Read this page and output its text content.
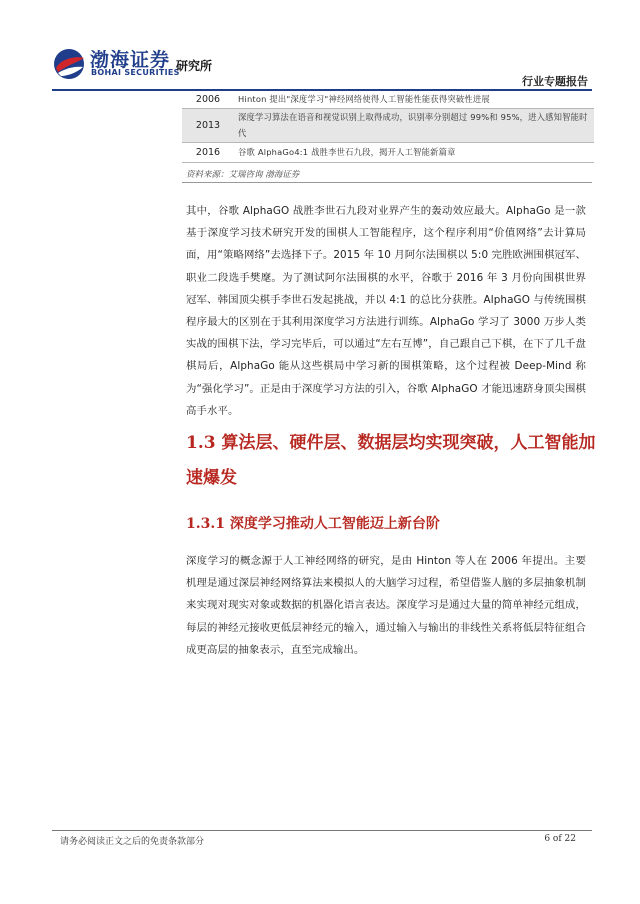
渤海证券
BOHAI SECURITIES
研究所
行业专题报告
2006	Hinton 提出"深度学习"神经网络使得人工智能性能获得突破性进展
2013	深度学习算法在语音和视觉识别上取得成功，识别率分别超过 99%和 95%，进入感知智能时代
2016	谷歌 AlphaGo4:1 战胜李世石九段，揭开人工智能新篇章
资料来源：艾瑞咨询 渤海证券

其中，谷歌 AlphaGO 战胜李世石九段对业界产生的轰动效应最大。AlphaGo 是一款基于深度学习技术研究开发的围棋人工智能程序，这个程序利用“价值网络”去计算局面，用“策略网络”去选择下子。2015 年 10 月阿尔法围棋以 5:0 完胜欧洲围棋冠军、职业二段选手樊麾。为了测试阿尔法围棋的水平，谷歌于 2016 年 3 月份向围棋世界冠军、韩国顶尖棋手李世石发起挑战，并以 4:1 的总比分获胜。AlphaGO 与传统围棋程序最大的区别在于其利用深度学习方法进行训练。AlphaGo 学习了 3000 万步人类实战的围棋下法，学习完毕后，可以通过“左右互博”，自己跟自己下棋，在下了几千盘棋局后，AlphaGo 能从这些棋局中学习新的围棋策略，这个过程被 Deep-Mind 称为“强化学习”。正是由于深度学习方法的引入，谷歌 AlphaGO 才能迅速跻身顶尖围棋高手水平。

1.3 算法层、硬件层、数据层均实现突破，人工智能加速爆发
1.3.1 深度学习推动人工智能迈上新台阶

深度学习的概念源于人工神经网络的研究，是由 Hinton 等人在 2006 年提出。主要机理是通过深层神经网络算法来模拟人的大脑学习过程，希望借鉴人脑的多层抽象机制来实现对现实对象或数据的机器化语言表达。深度学习是通过大量的简单神经元组成，每层的神经元接收更低层神经元的输入，通过输入与输出的非线性关系将低层特征组合成更高层的抽象表示，直至完成输出。

请务必阅读正文之后的免责条款部分	6 of 22
